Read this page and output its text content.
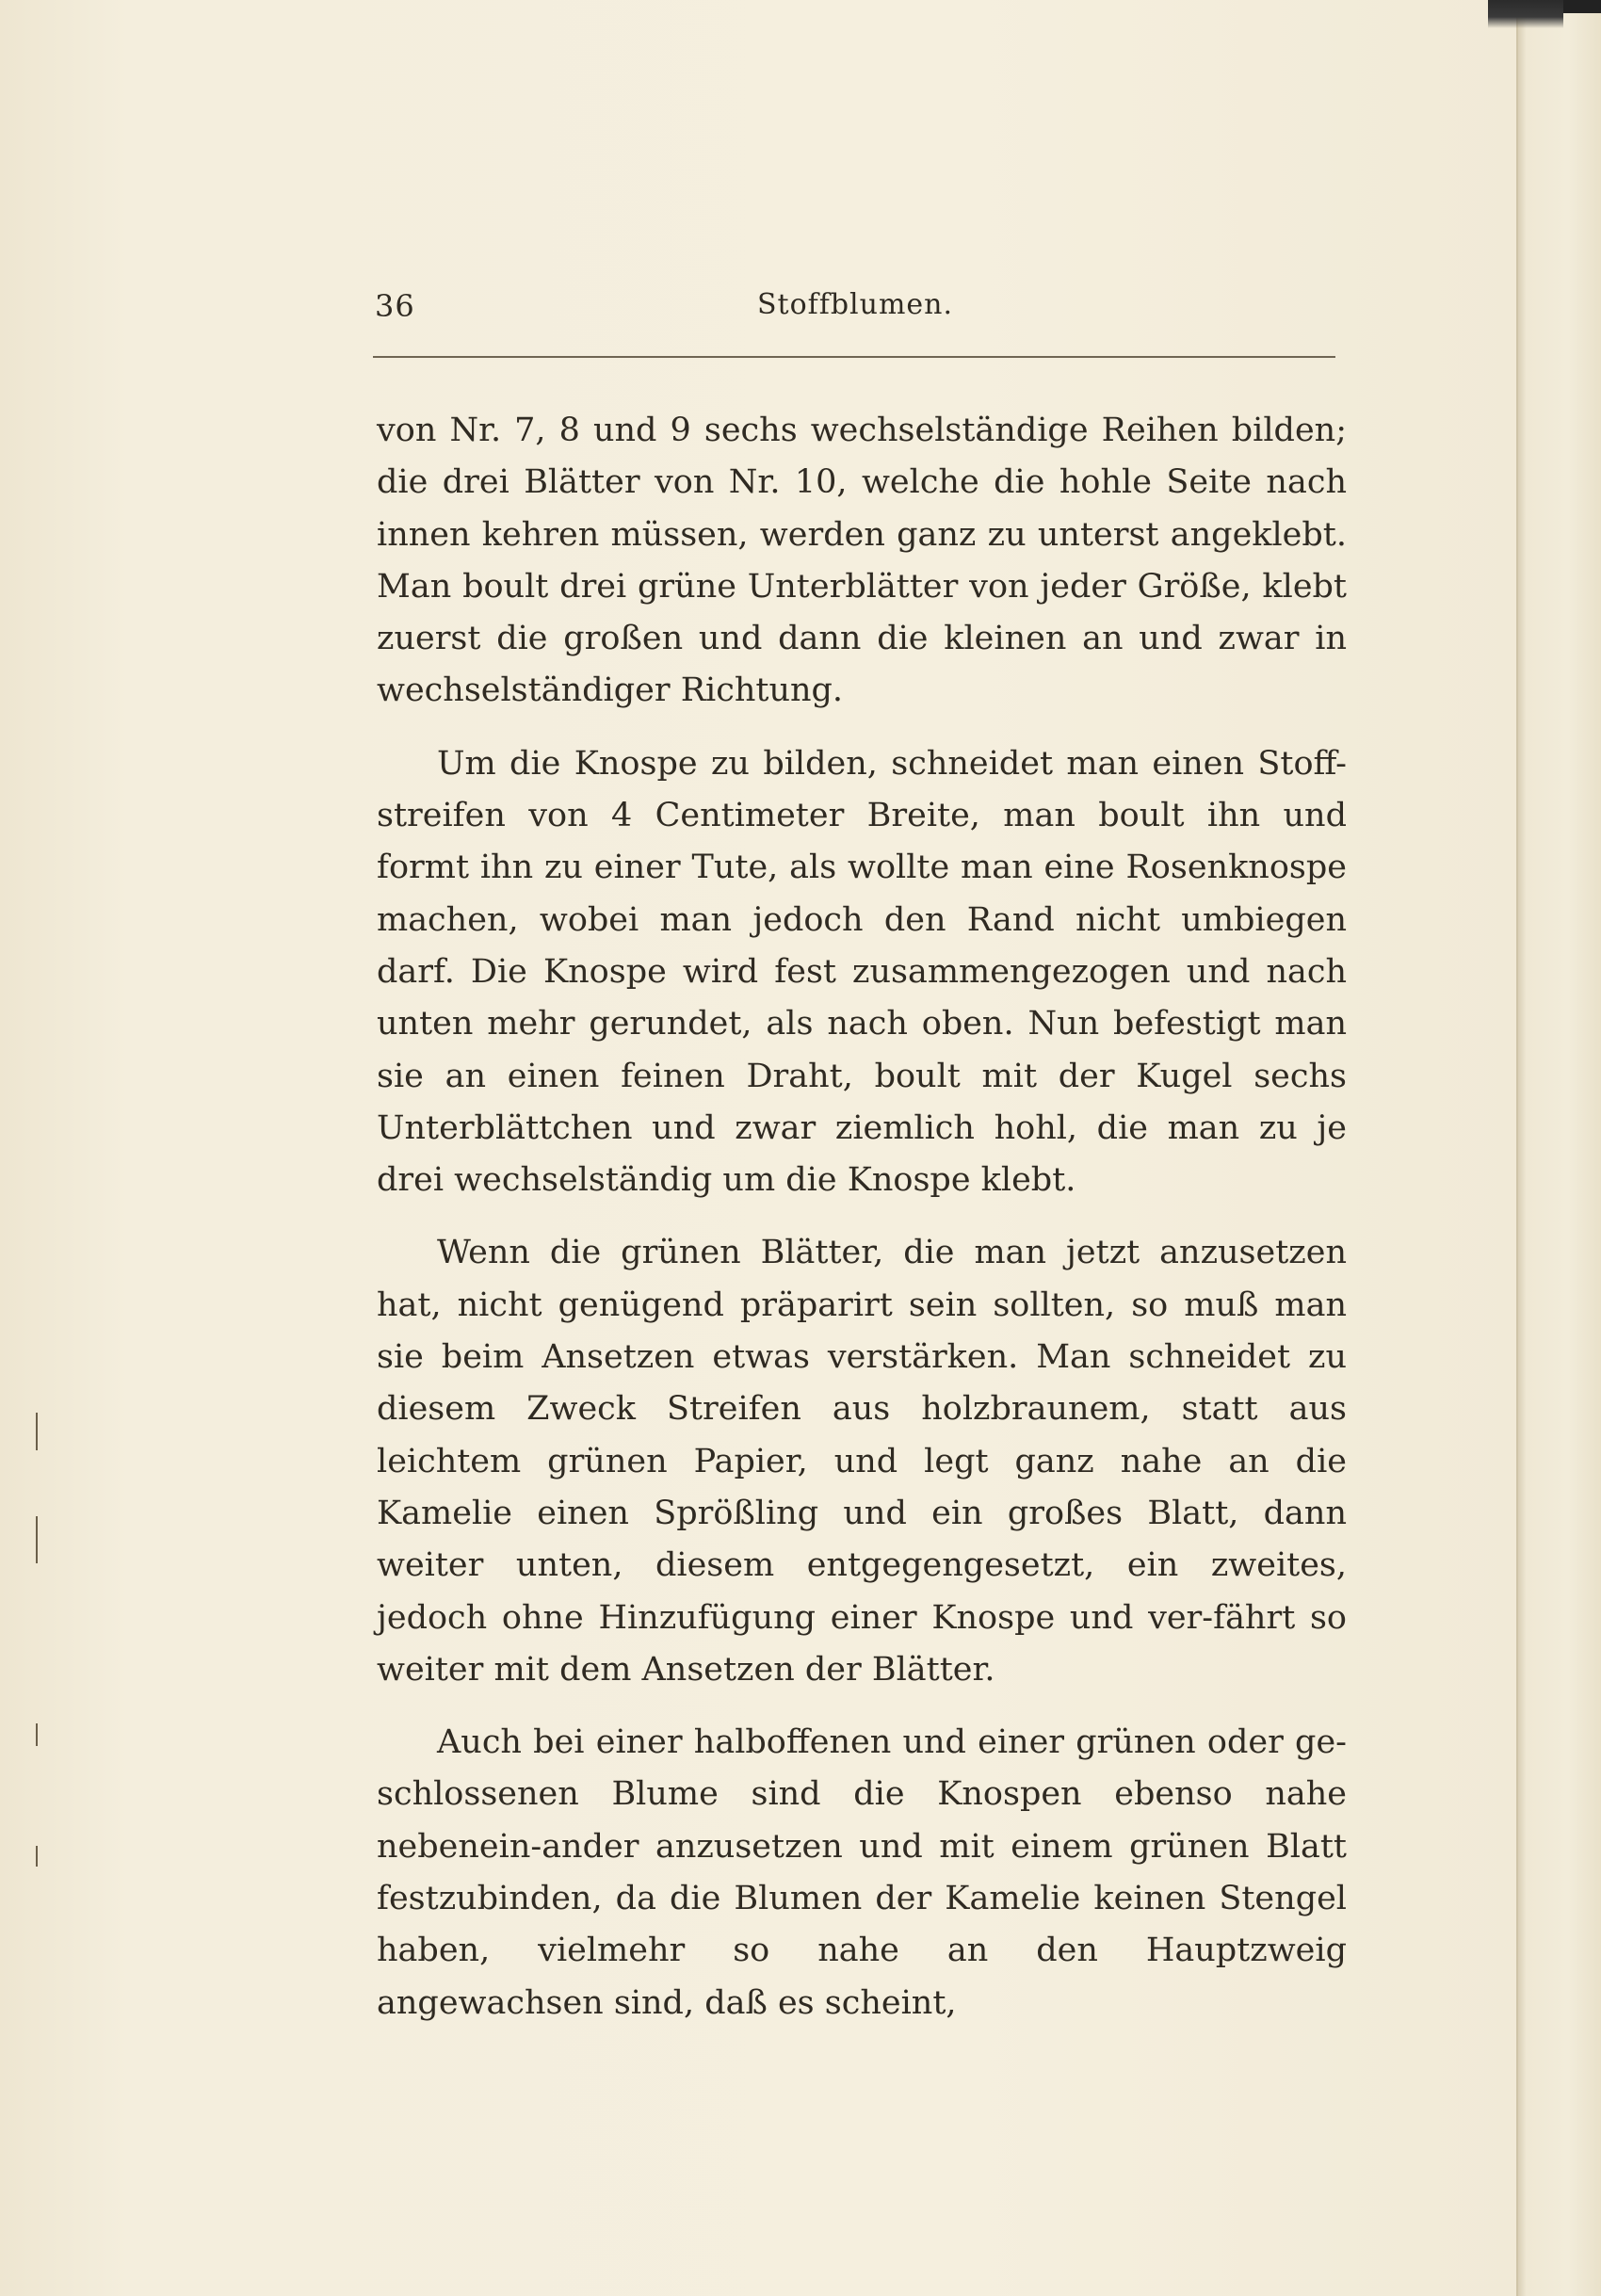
36	Stoffblumen.

von Nr. 7, 8 und 9 sechs wechselständige Reihen bilden; die drei Blätter von Nr. 10, welche die hohle Seite nach innen kehren müssen, werden ganz zu unterst angeklebt. Man boult drei grüne Unterblätter von jeder Größe, klebt zuerst die großen und dann die kleinen an und zwar in wechselständiger Richtung.

Um die Knospe zu bilden, schneidet man einen Stoff-streifen von 4 Centimeter Breite, man boult ihn und formt ihn zu einer Tute, als wollte man eine Rosenknospe machen, wobei man jedoch den Rand nicht umbiegen darf. Die Knospe wird fest zusammengezogen und nach unten mehr gerundet, als nach oben. Nun befestigt man sie an einen feinen Draht, boult mit der Kugel sechs Unterblättchen und zwar ziemlich hohl, die man zu je drei wechselständig um die Knospe klebt.

Wenn die grünen Blätter, die man jetzt anzusetzen hat, nicht genügend präparirt sein sollten, so muß man sie beim Ansetzen etwas verstärken. Man schneidet zu diesem Zweck Streifen aus holzbraunem, statt aus leichtem grünen Papier, und legt ganz nahe an die Kamelie einen Sprößling und ein großes Blatt, dann weiter unten, diesem entgegengesetzt, ein zweites, jedoch ohne Hinzufügung einer Knospe und ver-fährt so weiter mit dem Ansetzen der Blätter.

Auch bei einer halboffenen und einer grünen oder ge-schlossenen Blume sind die Knospen ebenso nahe nebenein-ander anzusetzen und mit einem grünen Blatt festzubinden, da die Blumen der Kamelie keinen Stengel haben, vielmehr so nahe an den Hauptzweig angewachsen sind, daß es scheint,
